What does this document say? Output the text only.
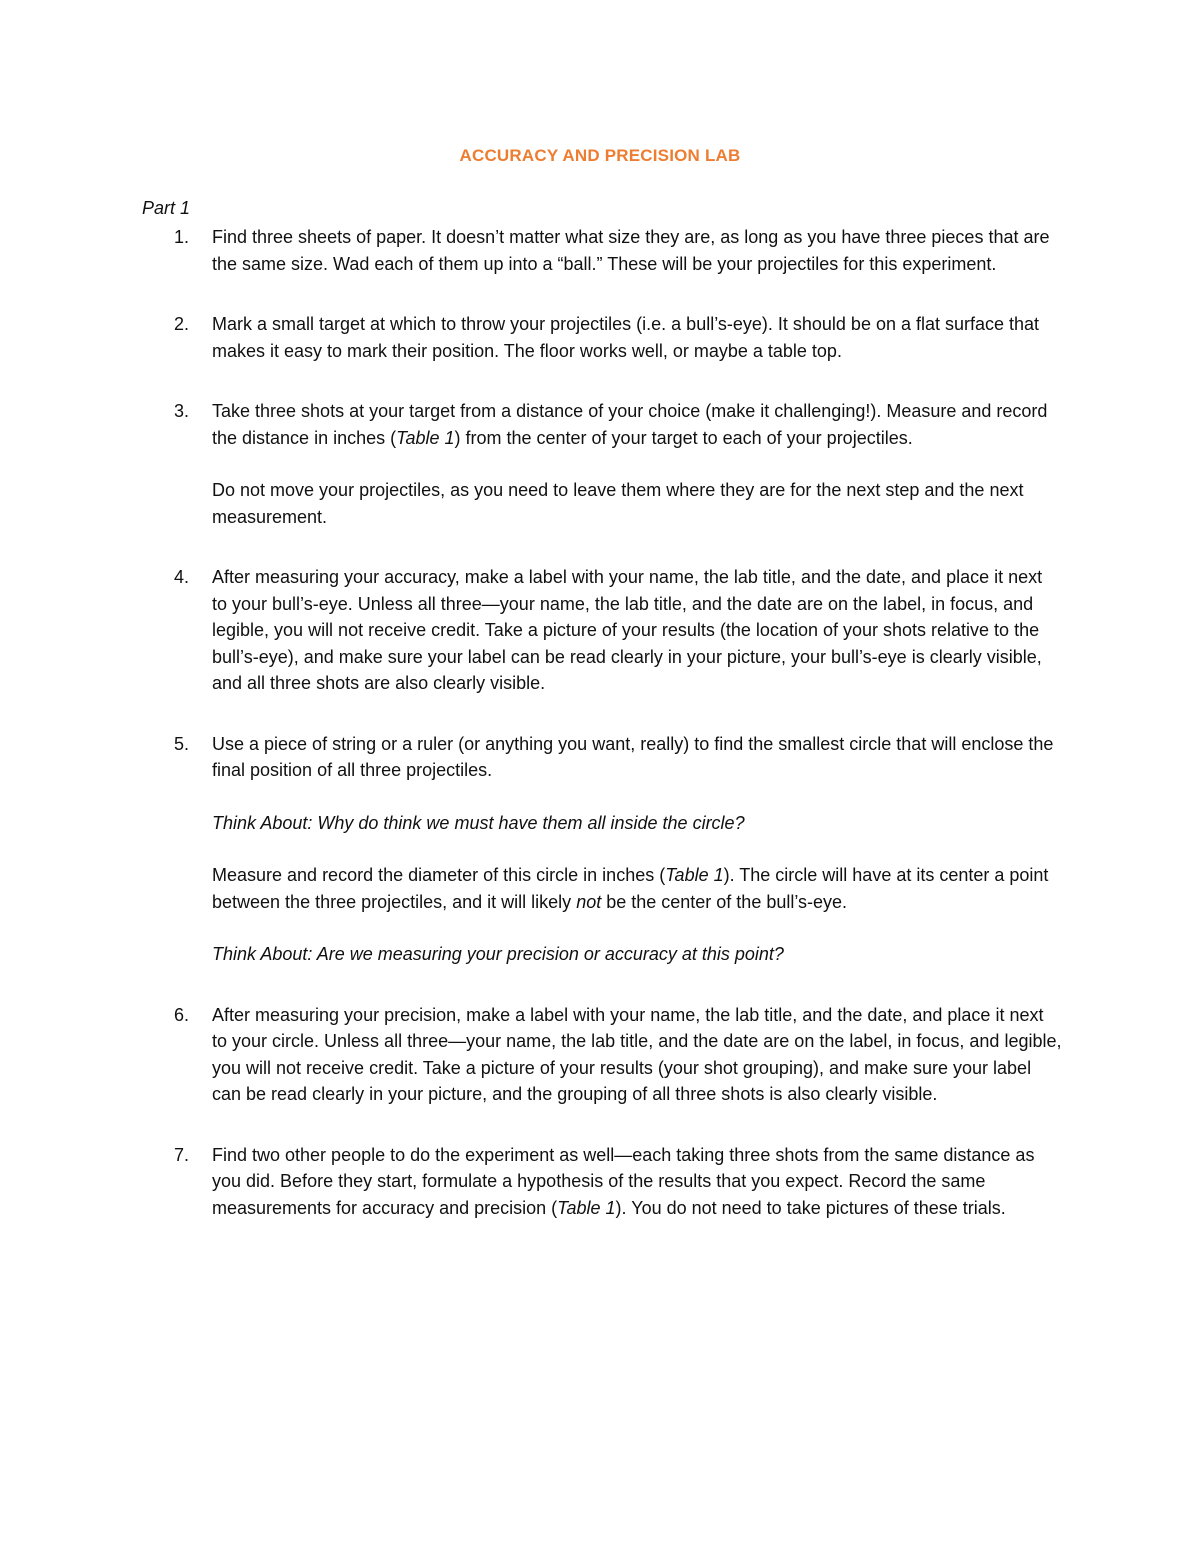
ACCURACY AND PRECISION LAB
Part 1
1.	Find three sheets of paper. It doesn’t matter what size they are, as long as you have three pieces that are the same size. Wad each of them up into a “ball.” These will be your projectiles for this experiment.

2.	Mark a small target at which to throw your projectiles (i.e. a bull’s-eye). It should be on a flat surface that makes it easy to mark their position. The floor works well, or maybe a table top.

3.	Take three shots at your target from a distance of your choice (make it challenging!). Measure and record the distance in inches (Table 1) from the center of your target to each of your projectiles.

Do not move your projectiles, as you need to leave them where they are for the next step and the next measurement.

4.	After measuring your accuracy, make a label with your name, the lab title, and the date, and place it next to your bull’s-eye. Unless all three—your name, the lab title, and the date are on the label, in focus, and legible, you will not receive credit. Take a picture of your results (the location of your shots relative to the bull’s-eye), and make sure your label can be read clearly in your picture, your bull’s-eye is clearly visible, and all three shots are also clearly visible.

5.	Use a piece of string or a ruler (or anything you want, really) to find the smallest circle that will enclose the final position of all three projectiles.

Think About: Why do think we must have them all inside the circle?

Measure and record the diameter of this circle in inches (Table 1). The circle will have at its center a point between the three projectiles, and it will likely not be the center of the bull’s-eye.

Think About: Are we measuring your precision or accuracy at this point?

6.	After measuring your precision, make a label with your name, the lab title, and the date, and place it next to your circle. Unless all three—your name, the lab title, and the date are on the label, in focus, and legible, you will not receive credit. Take a picture of your results (your shot grouping), and make sure your label can be read clearly in your picture, and the grouping of all three shots is also clearly visible.

7.	Find two other people to do the experiment as well—each taking three shots from the same distance as you did. Before they start, formulate a hypothesis of the results that you expect. Record the same measurements for accuracy and precision (Table 1). You do not need to take pictures of these trials.
